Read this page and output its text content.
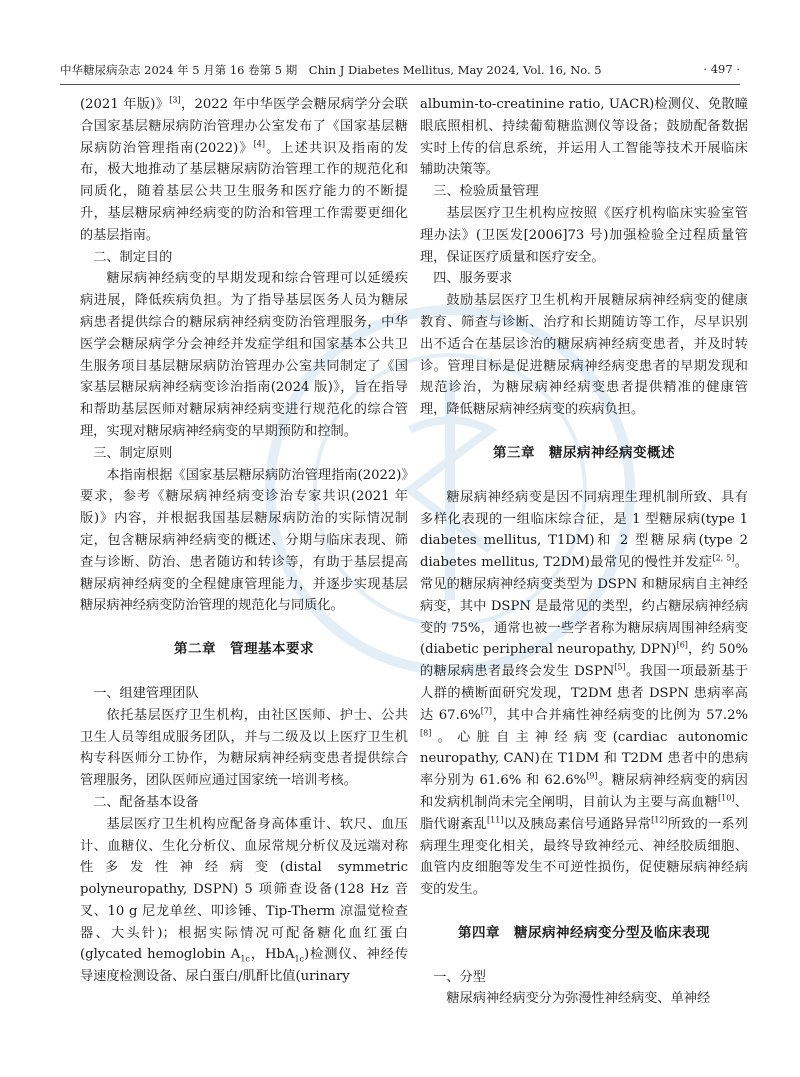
中华糖尿病杂志 2024 年 5 月第 16 卷第 5 期　Chin J Diabetes Mellitus, May 2024, Vol. 16, No. 5	· 497 ·

(2021 年版)》[3]，2022 年中华医学会糖尿病学分会联合国家基层糖尿病防治管理办公室发布了《国家基层糖尿病防治管理指南(2022)》[4]。上述共识及指南的发布，极大地推动了基层糖尿病防治管理工作的规范化和同质化，随着基层公共卫生服务和医疗能力的不断提升，基层糖尿病神经病变的防治和管理工作需要更细化的基层指南。

二、制定目的

糖尿病神经病变的早期发现和综合管理可以延缓疾病进展，降低疾病负担。为了指导基层医务人员为糖尿病患者提供综合的糖尿病神经病变防治管理服务，中华医学会糖尿病学分会神经并发症学组和国家基本公共卫生服务项目基层糖尿病防治管理办公室共同制定了《国家基层糖尿病神经病变诊治指南(2024 版)》，旨在指导和帮助基层医师对糖尿病神经病变进行规范化的综合管理，实现对糖尿病神经病变的早期预防和控制。

三、制定原则

本指南根据《国家基层糖尿病防治管理指南(2022)》要求，参考《糖尿病神经病变诊治专家共识(2021 年版)》内容，并根据我国基层糖尿病防治的实际情况制定，包含糖尿病神经病变的概述、分期与临床表现、筛查与诊断、防治、患者随访和转诊等，有助于基层提高糖尿病神经病变的全程健康管理能力，并逐步实现基层糖尿病神经病变防治管理的规范化与同质化。

第二章　管理基本要求

一、组建管理团队

依托基层医疗卫生机构，由社区医师、护士、公共卫生人员等组成服务团队，并与二级及以上医疗卫生机构专科医师分工协作，为糖尿病神经病变患者提供综合管理服务，团队医师应通过国家统一培训考核。

二、配备基本设备

基层医疗卫生机构应配备身高体重计、软尺、血压计、血糖仪、生化分析仪、血尿常规分析仪及远端对称性多发性神经病变(distal symmetric polyneuropathy, DSPN) 5 项筛查设备(128 Hz 音叉、10 g 尼龙单丝、叩诊锤、Tip-Therm 凉温觉检查器、大头针)；根据实际情况可配备糖化血红蛋白(glycated hemoglobin $A_{1c}$，HbA$_{1c}$)检测仪、神经传导速度检测设备、尿白蛋白/肌酐比值(urinary

albumin-to-creatinine ratio, UACR)检测仪、免散瞳眼底照相机、持续葡萄糖监测仪等设备；鼓励配备数据实时上传的信息系统，并运用人工智能等技术开展临床辅助决策等。

三、检验质量管理

基层医疗卫生机构应按照《医疗机构临床实验室管理办法》(卫医发[2006]73 号)加强检验全过程质量管理，保证医疗质量和医疗安全。

四、服务要求

鼓励基层医疗卫生机构开展糖尿病神经病变的健康教育、筛查与诊断、治疗和长期随访等工作，尽早识别出不适合在基层诊治的糖尿病神经病变患者，并及时转诊。管理目标是促进糖尿病神经病变患者的早期发现和规范诊治，为糖尿病神经病变患者提供精准的健康管理，降低糖尿病神经病变的疾病负担。

第三章　糖尿病神经病变概述

糖尿病神经病变是因不同病理生理机制所致、具有多样化表现的一组临床综合征，是 1 型糖尿病(type 1 diabetes mellitus, T1DM)和 2 型糖尿病(type 2 diabetes mellitus, T2DM)最常见的慢性并发症[2, 5]。常见的糖尿病神经病变类型为 DSPN 和糖尿病自主神经病变，其中 DSPN 是最常见的类型，约占糖尿病神经病变的 75%，通常也被一些学者称为糖尿病周围神经病变(diabetic peripheral neuropathy, DPN)[6]，约 50% 的糖尿病患者最终会发生 DSPN[5]。我国一项最新基于人群的横断面研究发现，T2DM 患者 DSPN 患病率高达 67.6%[7]，其中合并痛性神经病变的比例为 57.2%[8]。心脏自主神经病变(cardiac autonomic neuropathy, CAN)在 T1DM 和 T2DM 患者中的患病率分别为 61.6% 和 62.6%[9]。糖尿病神经病变的病因和发病机制尚未完全阐明，目前认为主要与高血糖[10]、脂代谢紊乱[11]以及胰岛素信号通路异常[12]所致的一系列病理生理变化相关，最终导致神经元、神经胶质细胞、血管内皮细胞等发生不可逆性损伤，促使糖尿病神经病变的发生。

第四章　糖尿病神经病变分型及临床表现

一、分型

糖尿病神经病变分为弥漫性神经病变、单神经
